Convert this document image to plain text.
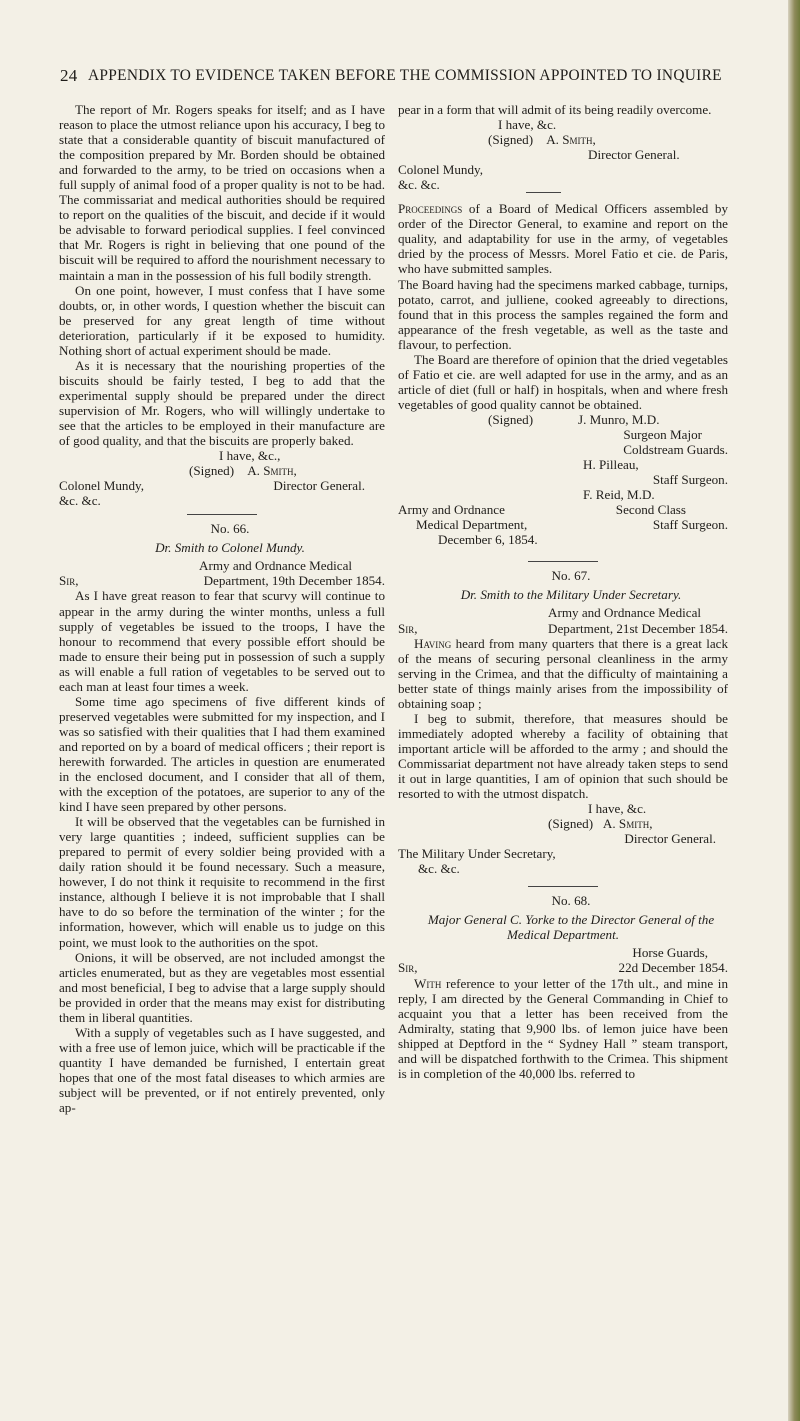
24 APPENDIX TO EVIDENCE TAKEN BEFORE THE COMMISSION APPOINTED TO INQUIRE

The report of Mr. Rogers speaks for itself; and as I have reason to place the utmost reliance upon his accuracy, I beg to state that a considerable quantity of biscuit manufactured of the composition prepared by Mr. Borden should be obtained and forwarded to the army, to be tried on occasions when a full supply of animal food of a proper quality is not to be had. The commissariat and medical authorities should be required to report on the qualities of the biscuit, and decide if it would be advisable to forward periodical supplies. I feel convinced that Mr. Rogers is right in believing that one pound of the biscuit will be required to afford the nourishment necessary to maintain a man in the possession of his full bodily strength.

On one point, however, I must confess that I have some doubts, or, in other words, I question whether the biscuit can be preserved for any great length of time without deterioration, particularly if it be exposed to humidity. Nothing short of actual experiment should be made.

As it is necessary that the nourishing properties of the biscuits should be fairly tested, I beg to add that the experimental supply should be prepared under the direct supervision of Mr. Rogers, who will willingly undertake to see that the articles to be employed in their manufacture are of good quality, and that the biscuits are properly baked.

I have, &c.,

(Signed) A. Smith,

Colonel Mundy,	Director General.

&c. &c.

No. 66.

Dr. Smith to Colonel Mundy.

Army and Ordnance Medical

Sir,	Department, 19th December 1854.

As I have great reason to fear that scurvy will continue to appear in the army during the winter months, unless a full supply of vegetables be issued to the troops, I have the honour to recommend that every possible effort should be made to ensure their being put in possession of such a supply as will enable a full ration of vegetables to be served out to each man at least four times a week.

Some time ago specimens of five different kinds of preserved vegetables were submitted for my inspection, and I was so satisfied with their qualities that I had them examined and reported on by a board of medical officers ; their report is herewith forwarded. The articles in question are enumerated in the enclosed document, and I consider that all of them, with the exception of the potatoes, are superior to any of the kind I have seen prepared by other persons.

It will be observed that the vegetables can be furnished in very large quantities ; indeed, sufficient supplies can be prepared to permit of every soldier being provided with a daily ration should it be found necessary. Such a measure, however, I do not think it requisite to recommend in the first instance, although I believe it is not improbable that I shall have to do so before the termination of the winter ; for the information, however, which will enable us to judge on this point, we must look to the authorities on the spot.

Onions, it will be observed, are not included amongst the articles enumerated, but as they are vegetables most essential and most beneficial, I beg to advise that a large supply should be provided in order that the means may exist for distributing them in liberal quantities.

With a supply of vegetables such as I have suggested, and with a free use of lemon juice, which will be practicable if the quantity I have demanded be furnished, I entertain great hopes that one of the most fatal diseases to which armies are subject will be prevented, or if not entirely prevented, only ap-

pear in a form that will admit of its being readily overcome.

I have, &c.

(Signed) A. Smith,

Director General.

Colonel Mundy,

&c. &c.

Proceedings of a Board of Medical Officers assembled by order of the Director General, to examine and report on the quality, and adaptability for use in the army, of vegetables dried by the process of Messrs. Morel Fatio et cie. de Paris, who have submitted samples.

The Board having had the specimens marked cabbage, turnips, potato, carrot, and julliene, cooked agreeably to directions, found that in this process the samples regained the form and appearance of the fresh vegetable, as well as the taste and flavour, to perfection.

The Board are therefore of opinion that the dried vegetables of Fatio et cie. are well adapted for use in the army, and as an article of diet (full or half) in hospitals, when and where fresh vegetables of good quality cannot be obtained.

(Signed)	J. Munro, M.D.

Surgeon Major

Coldstream Guards.

H. Pilleau,

Staff Surgeon.

F. Reid, M.D.

Army and Ordnance	Second Class
Medical Department,	Staff Surgeon.

December 6, 1854.

No. 67.

Dr. Smith to the Military Under Secretary.

Army and Ordnance Medical

Sir,	Department, 21st December 1854.

Having heard from many quarters that there is a great lack of the means of securing personal cleanliness in the army serving in the Crimea, and that the difficulty of maintaining a better state of things mainly arises from the impossibility of obtaining soap ;

I beg to submit, therefore, that measures should be immediately adopted whereby a facility of obtaining that important article will be afforded to the army ; and should the Commissariat department not have already taken steps to send it out in large quantities, I am of opinion that such should be resorted to with the utmost dispatch.

I have, &c.

(Signed) A. Smith,

Director General.

The Military Under Secretary,

&c. &c.

No. 68.

Major General C. Yorke to the Director General of the Medical Department.

Horse Guards,

Sir,	22d December 1854.

With reference to your letter of the 17th ult., and mine in reply, I am directed by the General Commanding in Chief to acquaint you that a letter has been received from the Admiralty, stating that 9,900 lbs. of lemon juice have been shipped at Deptford in the “ Sydney Hall ” steam transport, and will be dispatched forthwith to the Crimea. This shipment is in completion of the 40,000 lbs. referred to
